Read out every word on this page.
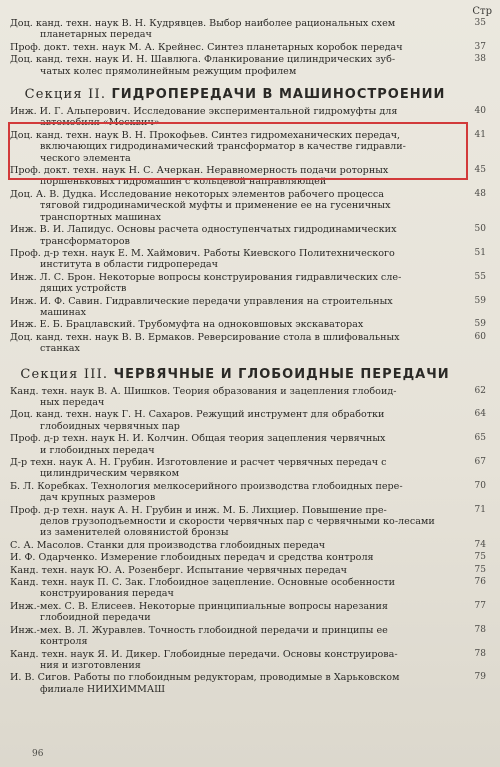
Стр
Доц. канд. техн. наук В. Н. Кудрявцев. Выбор наиболее рациональных схем
планетарных передач
35
Проф. докт. техн. наук М. А. Крейнес. Синтез планетарных коробок передач	37
Доц. канд. техн. наук И. Н. Шавлюга. Фланкирование цилиндрических зуб-
чатых колес прямолинейным режущим профилем
38
Секция II. ГИДРОПЕРЕДАЧИ В МАШИНОСТРОЕНИИ
Инж. И. Г. Альперович. Исследование экспериментальной гидромуфты для
автомобиля «Москвич»
40
Доц. канд. техн. наук В. Н. Прокофьев. Синтез гидромеханических передач,
включающих гидродинамический трансформатор в качестве гидравли-ческого элемента
41
Проф. докт. техн. наук Н. С. Ачеркан. Неравномерность подачи роторных
поршеньковых гидромашин с кольцевой направляющей
45
Доц. А. В. Дудка. Исследование некоторых элементов рабочего процесса
тяговой гидродинамической муфты и применение ее на гусеничных транспортных машинах
48
Инж. В. И. Лапидус. Основы расчета одноступенчатых гидродинамических
трансформаторов
50
Проф. д-р техн. наук Е. М. Хаймович. Работы Киевского Политехнического
института в области гидропередач
51
Инж. Л. С. Брон. Некоторые вопросы конструирования гидравлических сле-
дящих устройств
55
Инж. И. Ф. Савин. Гидравлические передачи управления на строительных
машинах
59
Инж. Е. Б. Брацлавский. Трубомуфта на одноковшовых экскаваторах	59
Доц. канд. техн. наук В. В. Ермаков. Реверсирование стола в шлифовальных
станках
60
Секция III. ЧЕРВЯЧНЫЕ И ГЛОБОИДНЫЕ ПЕРЕДАЧИ
Канд. техн. наук В. А. Шишков. Теория образования и зацепления глобоид-
ных передач
62
Доц. канд. техн. наук Г. Н. Сахаров. Режущий инструмент для обработки
глобоидных червячных пар
64
Проф. д-р техн. наук Н. И. Колчин. Общая теория зацепления червячных
и глобоидных передач
65
Д-р техн. наук А. Н. Грубин. Изготовление и расчет червячных передач с
цилиндрическим червяком
67
Б. Л. Коребках. Технология мелкосерийного производства глобоидных пере-
дач крупных размеров
70
Проф. д-р техн. наук А. Н. Грубин и инж. М. Б. Лихциер. Повышение пре-
делов грузоподъемности и скорости червячных пар с червячными ко-лесами из заменителей оловянистой бронзы
71
С. А. Масолов. Станки для производства глобоидных передач	74
И. Ф. Одарченко. Измерение глобоидных передач и средства контроля	75
Канд. техн. наук Ю. А. Розенберг. Испытание червячных передач	75
Канд. техн. наук П. С. Зак. Глобоидное зацепление. Основные особенности
конструирования передач
76
Инж.-мех. С. В. Елисеев. Некоторые принципиальные вопросы нарезания
глобоидной передачи
77
Инж.-мех. В. Л. Журавлев. Точность глобоидной передачи и принципы ее
контроля
78
Канд. техн. наук Я. И. Дикер. Глобоидные передачи. Основы конструирова-
ния и изготовления
78
И. В. Сигов. Работы по глобоидным редукторам, проводимые в Харьковском
филиале НИИХИММАШ
79
96
